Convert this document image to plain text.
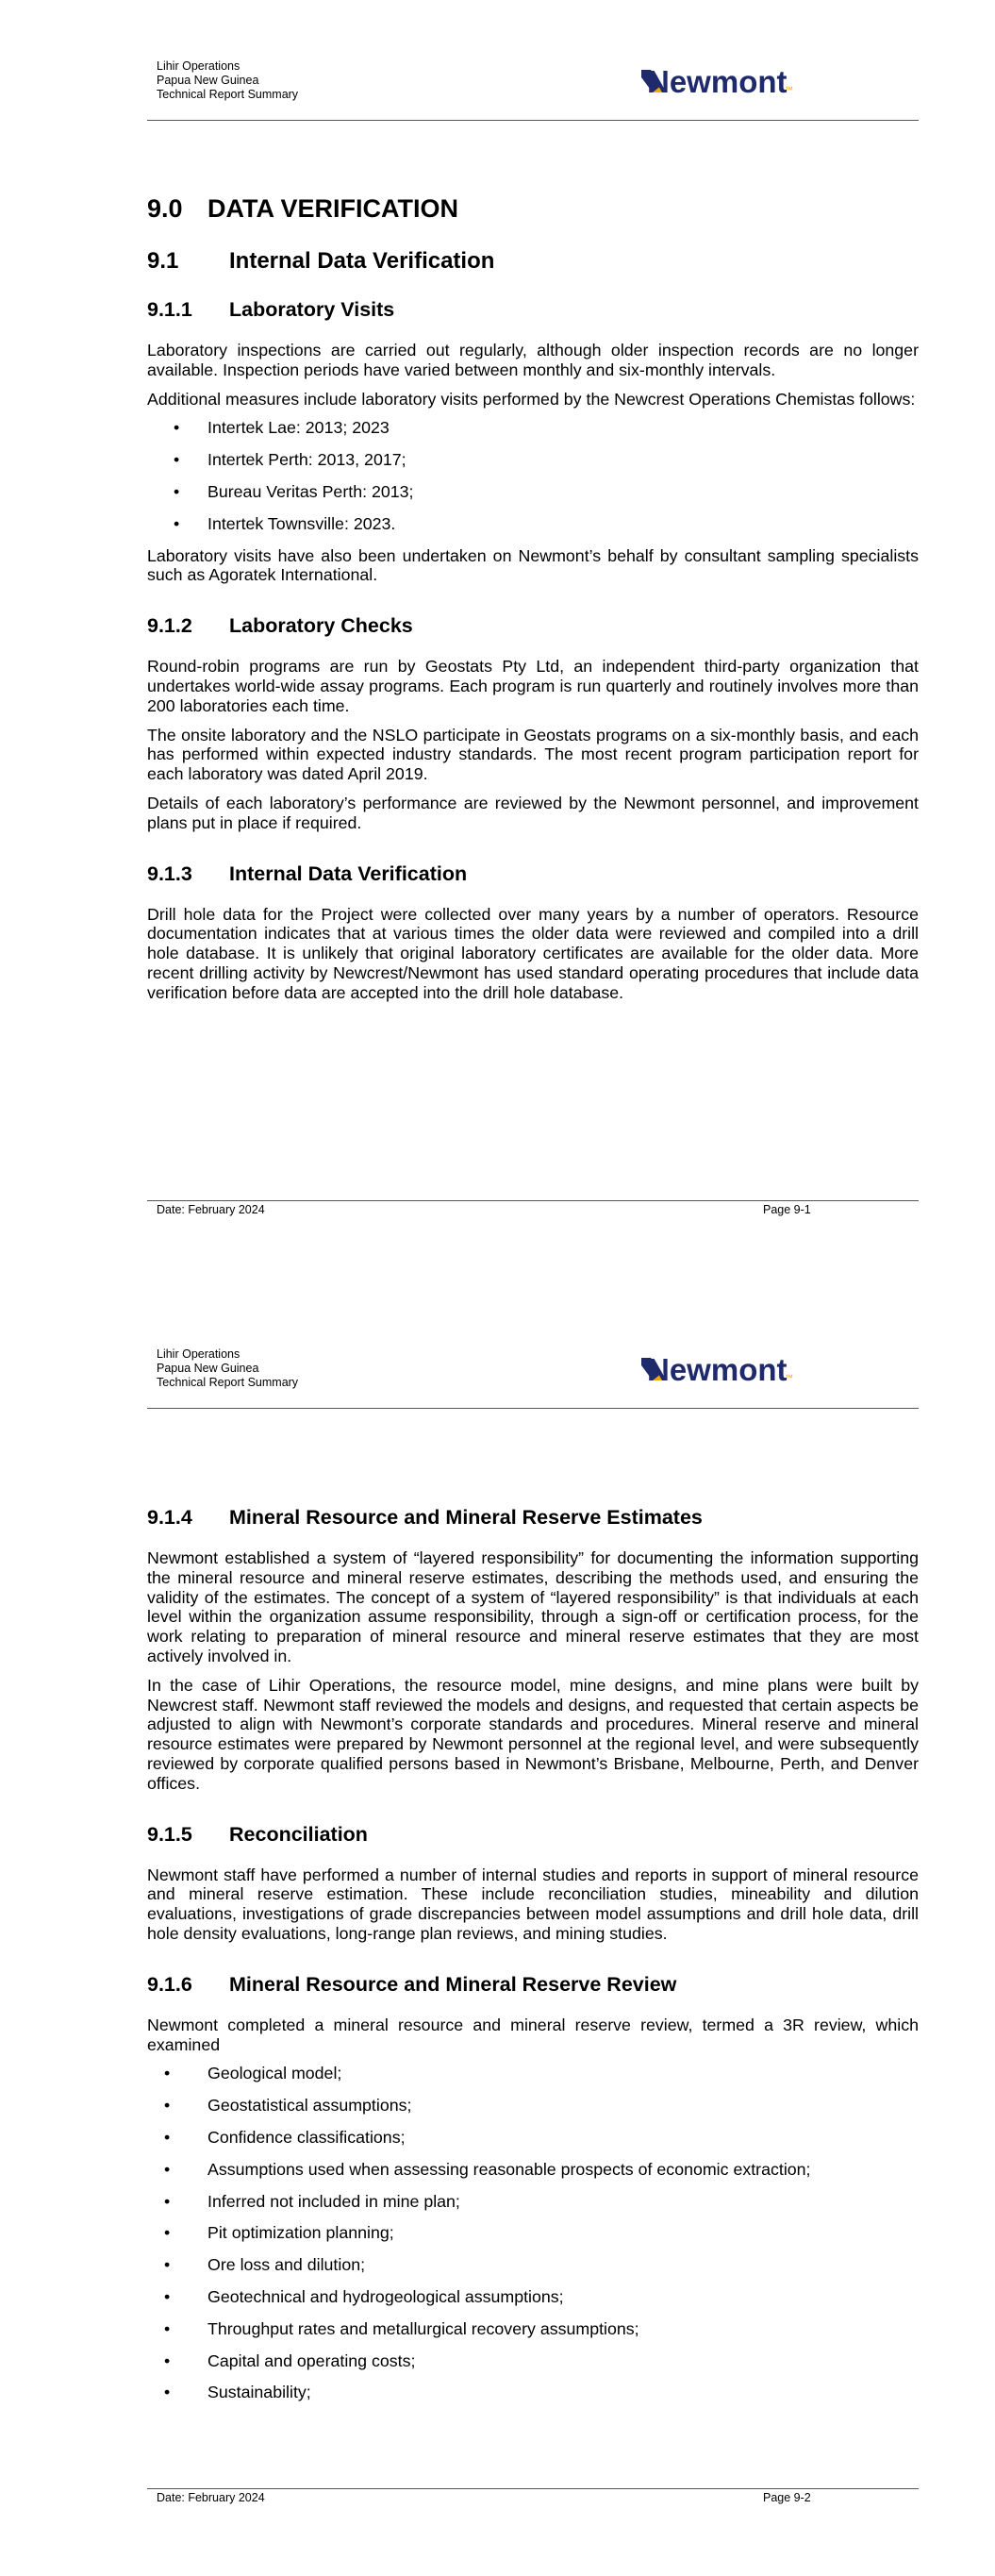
Lihir Operations
Papua New Guinea
Technical Report Summary	Newmont
™
9.0 DATA VERIFICATION
9.1 Internal Data Verification
9.1.1 Laboratory Visits

Laboratory inspections are carried out regularly, although older inspection records are no longer available. Inspection periods have varied between monthly and six-monthly intervals.

Additional measures include laboratory visits performed by the Newcrest Operations Chemistas follows:

• Intertek Lae: 2013; 2023
• Intertek Perth: 2013, 2017;
• Bureau Veritas Perth: 2013;
• Intertek Townsville: 2023.

Laboratory visits have also been undertaken on Newmont’s behalf by consultant sampling specialists such as Agoratek International.

9.1.2 Laboratory Checks

Round-robin programs are run by Geostats Pty Ltd, an independent third-party organization that undertakes world-wide assay programs. Each program is run quarterly and routinely involves more than 200 laboratories each time.

The onsite laboratory and the NSLO participate in Geostats programs on a six-monthly basis, and each has performed within expected industry standards. The most recent program participation report for each laboratory was dated April 2019.

Details of each laboratory’s performance are reviewed by the Newmont personnel, and improvement plans put in place if required.

9.1.3 Internal Data Verification

Drill hole data for the Project were collected over many years by a number of operators. Resource documentation indicates that at various times the older data were reviewed and compiled into a drill hole database. It is unlikely that original laboratory certificates are available for the older data. More recent drilling activity by Newcrest/Newmont has used standard operating procedures that include data verification before data are accepted into the drill hole database.

Date: February 2024	Page 9-1
Lihir Operations
Papua New Guinea
Technical Report Summary	Newmont
™
9.1.4 Mineral Resource and Mineral Reserve Estimates

Newmont established a system of “layered responsibility” for documenting the information supporting the mineral resource and mineral reserve estimates, describing the methods used, and ensuring the validity of the estimates. The concept of a system of “layered responsibility” is that individuals at each level within the organization assume responsibility, through a sign-off or certification process, for the work relating to preparation of mineral resource and mineral reserve estimates that they are most actively involved in.

In the case of Lihir Operations, the resource model, mine designs, and mine plans were built by Newcrest staff. Newmont staff reviewed the models and designs, and requested that certain aspects be adjusted to align with Newmont’s corporate standards and procedures. Mineral reserve and mineral resource estimates were prepared by Newmont personnel at the regional level, and were subsequently reviewed by corporate qualified persons based in Newmont’s Brisbane, Melbourne, Perth, and Denver offices.

9.1.5 Reconciliation

Newmont staff have performed a number of internal studies and reports in support of mineral resource and mineral reserve estimation. These include reconciliation studies, mineability and dilution evaluations, investigations of grade discrepancies between model assumptions and drill hole data, drill hole density evaluations, long-range plan reviews, and mining studies.

9.1.6 Mineral Resource and Mineral Reserve Review

Newmont completed a mineral resource and mineral reserve review, termed a 3R review, which examined

• Geological model;
• Geostatistical assumptions;
• Confidence classifications;
• Assumptions used when assessing reasonable prospects of economic extraction;
• Inferred not included in mine plan;
• Pit optimization planning;
• Ore loss and dilution;
• Geotechnical and hydrogeological assumptions;
• Throughput rates and metallurgical recovery assumptions;
• Capital and operating costs;
• Sustainability;
Date: February 2024	Page 9-2
